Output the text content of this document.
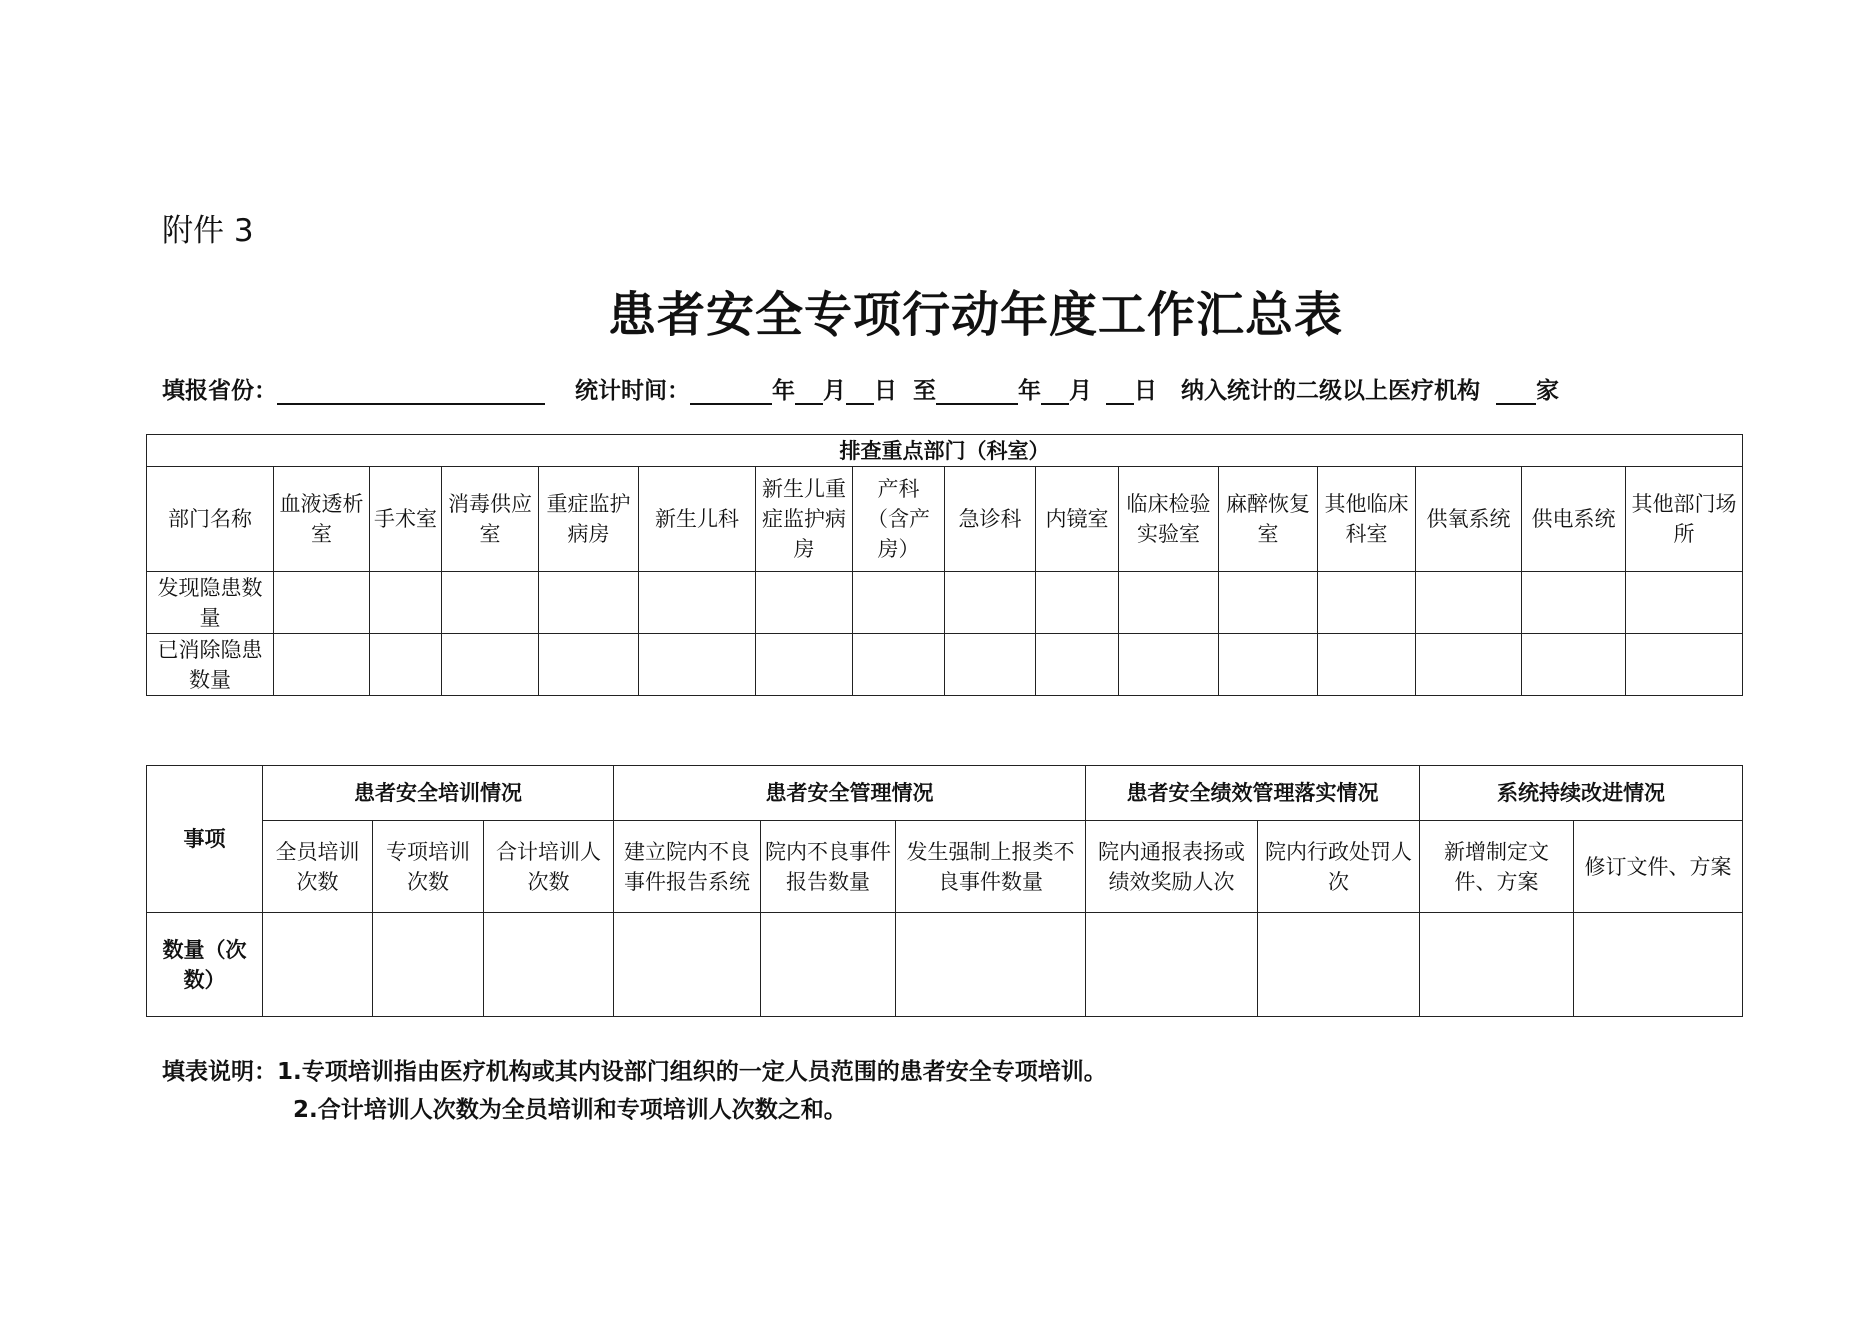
附件 3
患者安全专项行动年度工作汇总表
填报省份：	统计时间：	年 月 日 至	年 月 日 纳入统计的二级以上医疗机构 家
排查重点部门（科室）															
部门名称	血液透析室	手术室	消毒供应室	重症监护病房	新生儿科	新生儿重症监护病房	产科（含产房）	急诊科	内镜室	临床检验实验室	麻醉恢复室	其他临床科室	供氧系统	供电系统	其他部门场所
发现隐患数量															
已消除隐患数量															
事项	患者安全培训情况			患者安全管理情况			患者安全绩效管理落实情况		系统持续改进情况	
	全员培训次数	专项培训次数	合计培训人次数	建立院内不良事件报告系统	院内不良事件报告数量	发生强制上报类不良事件数量	院内通报表扬或绩效奖励人次	院内行政处罚人次	新增制定文件、方案	修订文件、方案
数量（次数）										
填表说明：1.专项培训指由医疗机构或其内设部门组织的一定人员范围的患者安全专项培训。
2.合计培训人次数为全员培训和专项培训人次数之和。
